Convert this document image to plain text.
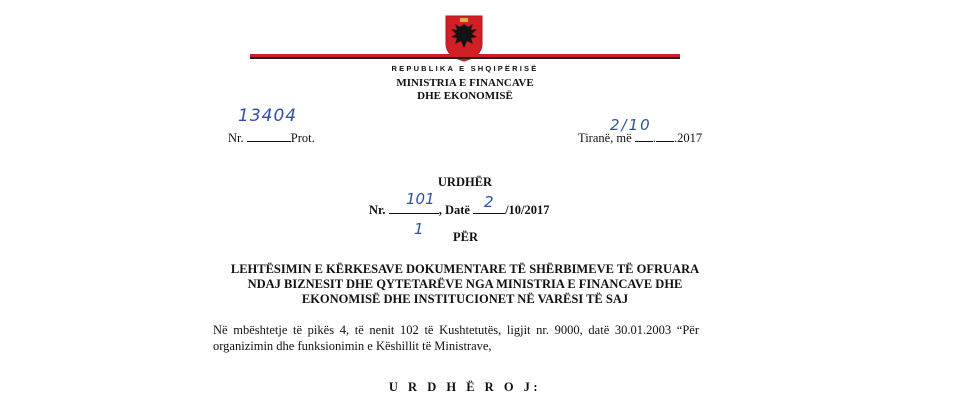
REPUBLIKA E SHQIPËRISË
MINISTRIA E FINANCAVE
DHE EKONOMISË
13404
Nr.	Prot.
2/10
Tiranë, më . .2017
URDHËR
101
1
2
Nr.	, Datë	/10/2017
PËR
LEHTËSIMIN E KËRKESAVE DOKUMENTARE TË SHËRBIMEVE TË OFRUARA
NDAJ BIZNESIT DHE QYTETARËVE NGA MINISTRIA E FINANCAVE DHE
EKONOMISË DHE INSTITUCIONET NË VARËSI TË SAJ
Në mbështetje të pikës 4, të nenit 102 të Kushtetutës, ligjit nr. 9000, datë 30.01.2003 “Për organizimin dhe funksionimin e Këshillit të Ministrave,
U R D H Ë R O J:
